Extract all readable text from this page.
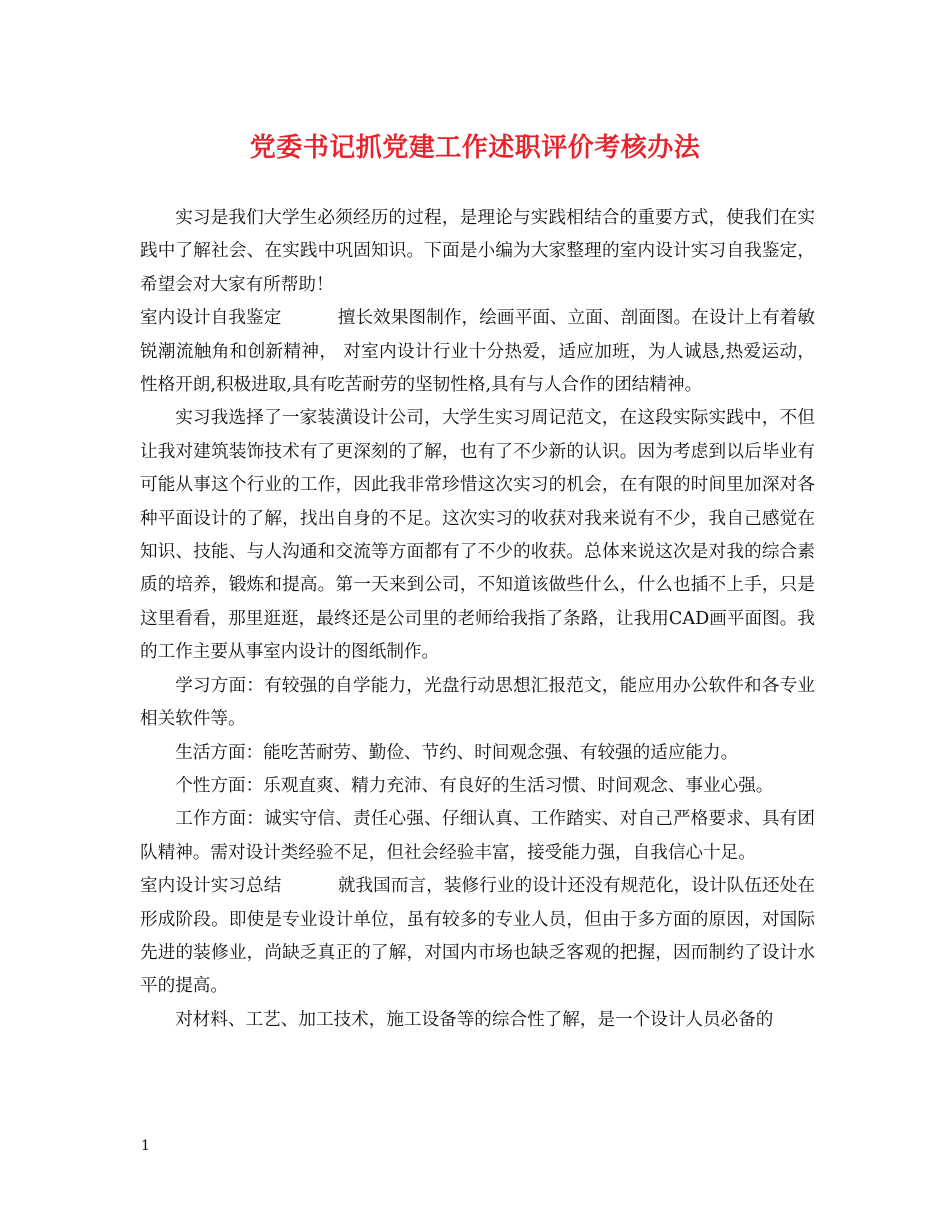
党委书记抓党建工作述职评价考核办法

实习是我们大学生必须经历的过程，是理论与实践相结合的重要方式，使我们在实践中了解社会、在实践中巩固知识。下面是小编为大家整理的室内设计实习自我鉴定，希望会对大家有所帮助！

室内设计自我鉴定	擅长效果图制作，绘画平面、立面、剖面图。在设计上有着敏锐潮流触角和创新精神， 对室内设计行业十分热爱，适应加班，为人诚恳,热爱运动，性格开朗,积极进取,具有吃苦耐劳的坚韧性格,具有与人合作的团结精神。

实习我选择了一家装潢设计公司，大学生实习周记范文，在这段实际实践中，不但让我对建筑装饰技术有了更深刻的了解，也有了不少新的认识。因为考虑到以后毕业有可能从事这个行业的工作，因此我非常珍惜这次实习的机会，在有限的时间里加深对各种平面设计的了解，找出自身的不足。这次实习的收获对我来说有不少，我自己感觉在知识、技能、与人沟通和交流等方面都有了不少的收获。总体来说这次是对我的综合素质的培养，锻炼和提高。第一天来到公司，不知道该做些什么，什么也插不上手，只是这里看看，那里逛逛，最终还是公司里的老师给我指了条路，让我用CAD画平面图。我的工作主要从事室内设计的图纸制作。

学习方面：有较强的自学能力，光盘行动思想汇报范文，能应用办公软件和各专业相关软件等。

生活方面：能吃苦耐劳、勤俭、节约、时间观念强、有较强的适应能力。

个性方面：乐观直爽、精力充沛、有良好的生活习惯、时间观念、事业心强。

工作方面：诚实守信、责任心强、仔细认真、工作踏实、对自己严格要求、具有团队精神。需对设计类经验不足，但社会经验丰富，接受能力强，自我信心十足。

室内设计实习总结	就我国而言，装修行业的设计还没有规范化，设计队伍还处在形成阶段。即使是专业设计单位，虽有较多的专业人员，但由于多方面的原因，对国际先进的装修业，尚缺乏真正的了解，对国内市场也缺乏客观的把握，因而制约了设计水平的提高。

对材料、工艺、加工技术，施工设备等的综合性了解，是一个设计人员必备的

1
